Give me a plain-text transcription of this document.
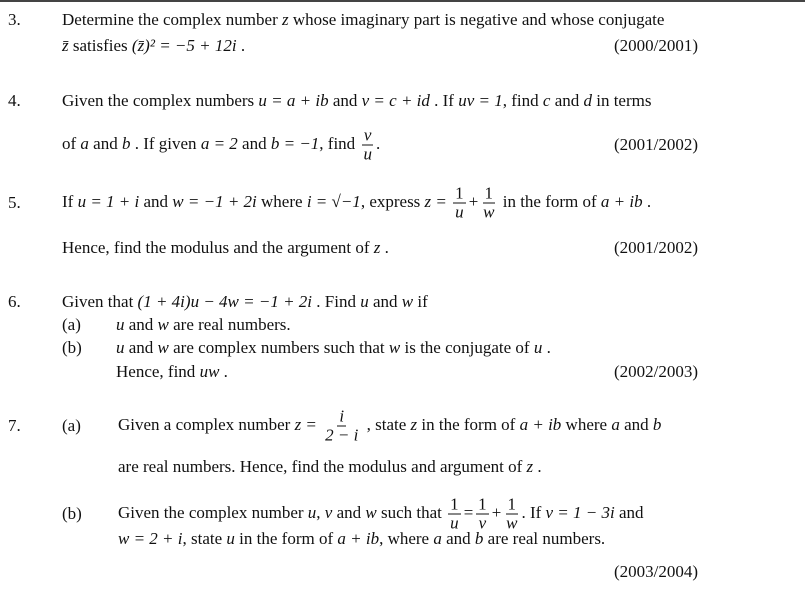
3. Determine the complex number z whose imaginary part is negative and whose conjugate
z̄ satisfies (z̄)² = −5 + 12i .	(2000/2001)
4. Given the complex numbers u = a + ib and v = c + id . If uv = 1, find c and d in terms
of a and b . If given a = 2 and b = −1, find $\frac{v}{u}$ .	(2001/2002)
5. If u = 1 + i and w = −1 + 2i where i = √−1, express $z = \frac{1}{u} + \frac{1}{w}$ in the form of a + ib .
Hence, find the modulus and the argument of z .	(2001/2002)
6. Given that (1 + 4i)u − 4w = −1 + 2i . Find u and w if
(a) u and w are real numbers.
(b) u and w are complex numbers such that w is the conjugate of u .
Hence, find uw .	(2002/2003)
7. (a) Given a complex number $z = \frac{i}{2 - i}$ , state z in the form of a + ib where a and b
are real numbers. Hence, find the modulus and argument of z .
(b) Given the complex number u, v and w such that $\frac{1}{u} = \frac{1}{v} + \frac{1}{w}$ . If v = 1 − 3i and
w = 2 + i, state u in the form of a + ib, where a and b are real numbers.
(2003/2004)
